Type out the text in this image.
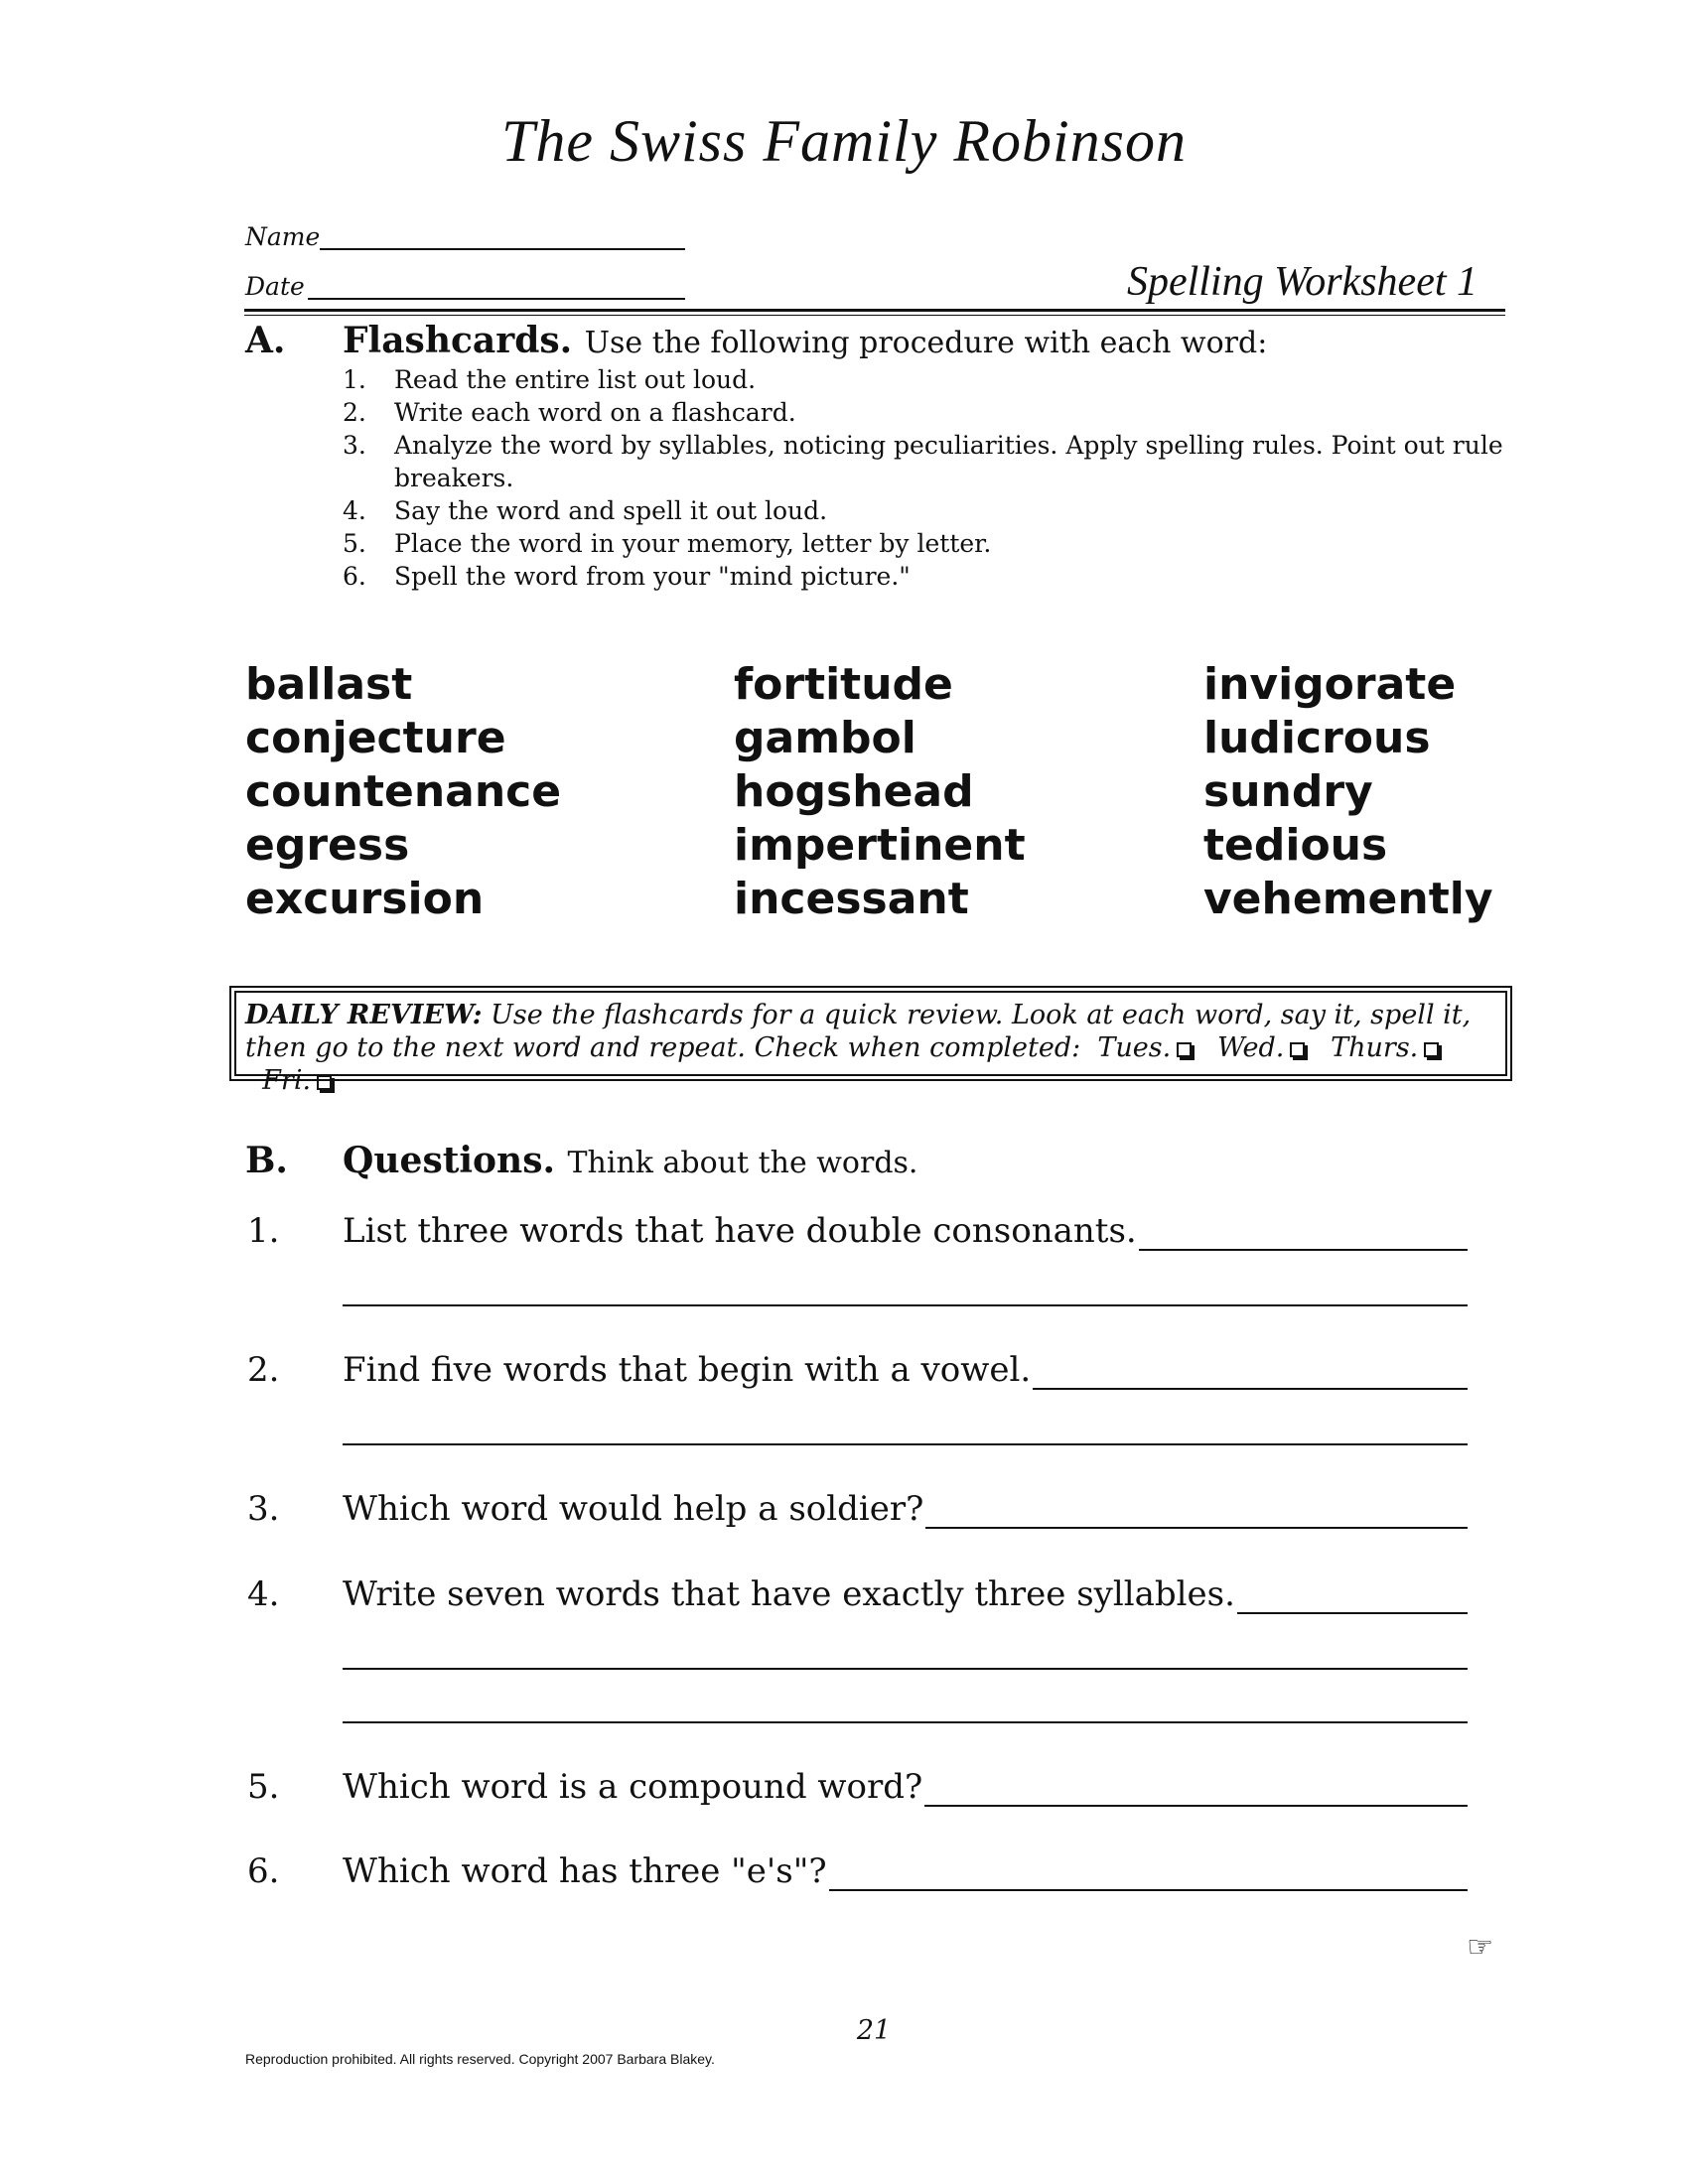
The Swiss Family Robinson
Name
Date	Spelling Worksheet 1
A. Flashcards. Use the following procedure with each word:
1. Read the entire list out loud.
2. Write each word on a flashcard.
3. Analyze the word by syllables, noticing peculiarities. Apply spelling rules. Point out rule breakers.
4. Say the word and spell it out loud.
5. Place the word in your memory, letter by letter.
6. Spell the word from your "mind picture."
ballast
conjecture
countenance
egress
excursion
fortitude
gambol
hogshead
impertinent
incessant
invigorate
ludicrous
sundry
tedious
vehemently
DAILY REVIEW: Use the flashcards for a quick review. Look at each word, say it, spell it, then go to the next word and repeat. Check when completed: Tues. Wed. Thurs.   Fri.
B. Questions. Think about the words.
1. List three words that have double consonants.
2. Find five words that begin with a vowel.
3. Which word would help a soldier?
4. Write seven words that have exactly three syllables.
5. Which word is a compound word?
6. Which word has three "e's"?
☞
21
Reproduction prohibited. All rights reserved. Copyright 2007 Barbara Blakey.
